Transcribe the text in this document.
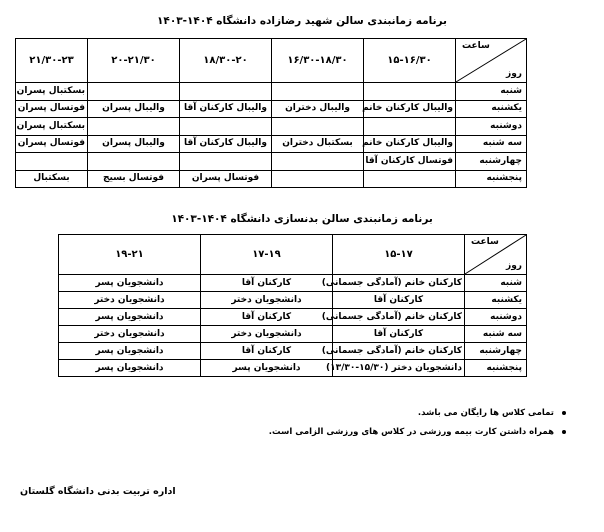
برنامه زمانبندی سالن شهید رضازاده دانشگاه ۱۴۰۴-۱۴۰۳
ساعت
روز	۱۵-۱۶/۳۰	۱۶/۳۰-۱۸/۳۰	۱۸/۳۰-۲۰	۲۰-۲۱/۳۰	۲۱/۳۰-۲۳
شنبه					بسکتبال پسران
یکشنبه	والیبال کارکنان خانم	والیبال دختران	والیبال کارکنان آقا	والیبال پسران	فوتسال پسران
دوشنبه					بسکتبال پسران
سه شنبه	والیبال کارکنان خانم	بسکتبال دختران	والیبال کارکنان آقا	والیبال پسران	فوتسال پسران
چهارشنبه	فوتسال کارکنان آقا				
پنجشنبه			فوتسال پسران	فوتسال بسیج	بسکتبال
برنامه زمانبندی سالن بدنسازی دانشگاه ۱۴۰۴-۱۴۰۳
ساعت
روز	۱۵-۱۷	۱۷-۱۹	۱۹-۲۱
شنبه	کارکنان خانم (آمادگی جسمانی)	کارکنان آقا	دانشجویان پسر
یکشنبه	کارکنان آقا	دانشجویان دختر	دانشجویان دختر
دوشنبه	کارکنان خانم (آمادگی جسمانی)	کارکنان آقا	دانشجویان پسر
سه شنبه	کارکنان آقا	دانشجویان دختر	دانشجویان دختر
چهارشنبه	کارکنان خانم (آمادگی جسمانی)	کارکنان آقا	دانشجویان پسر
پنجشنبه	دانشجویان دختر (۱۵/۳۰-۱۳/۳۰)	دانشجویان پسر	دانشجویان پسر
تمامی کلاس ها رایگان می باشد.
همراه داشتن کارت بیمه ورزشی در کلاس های ورزشی الزامی است.
اداره تربیت بدنی دانشگاه گلستان
